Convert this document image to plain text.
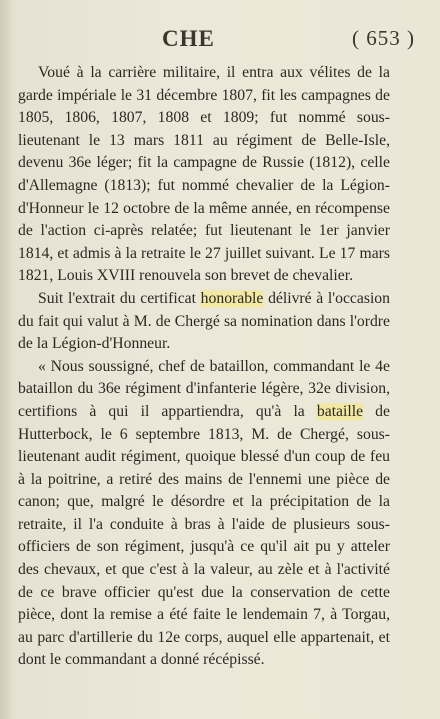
CHE	( 653 )

Voué à la carrière militaire, il entra aux vélites de la garde impériale le 31 décembre 1807, fit les campagnes de 1805, 1806, 1807, 1808 et 1809; fut nommé sous-lieutenant le 13 mars 1811 au régiment de Belle-Isle, devenu 36e léger; fit la campagne de Russie (1812), celle d'Allemagne (1813); fut nommé chevalier de la Légion-d'Honneur le 12 octobre de la même année, en récompense de l'action ci-après relatée; fut lieutenant le 1er janvier 1814, et admis à la retraite le 27 juillet suivant. Le 17 mars 1821, Louis XVIII renouvela son brevet de chevalier.

Suit l'extrait du certificat honorable délivré à l'occasion du fait qui valut à M. de Chergé sa nomination dans l'ordre de la Légion-d'Honneur.

« Nous soussigné, chef de bataillon, commandant le 4e bataillon du 36e régiment d'infanterie légère, 32e division, certifions à qui il appartiendra, qu'à la bataille de Hutterbock, le 6 septembre 1813, M. de Chergé, sous-lieutenant audit régiment, quoique blessé d'un coup de feu à la poitrine, a retiré des mains de l'ennemi une pièce de canon; que, malgré le désordre et la précipitation de la retraite, il l'a conduite à bras à l'aide de plusieurs sous-officiers de son régiment, jusqu'à ce qu'il ait pu y atteler des chevaux, et que c'est à la valeur, au zèle et à l'activité de ce brave officier qu'est due la conservation de cette pièce, dont la remise a été faite le lendemain 7, à Torgau, au parc d'artillerie du 12e corps, auquel elle appartenait, et dont le commandant a donné récépissé.
